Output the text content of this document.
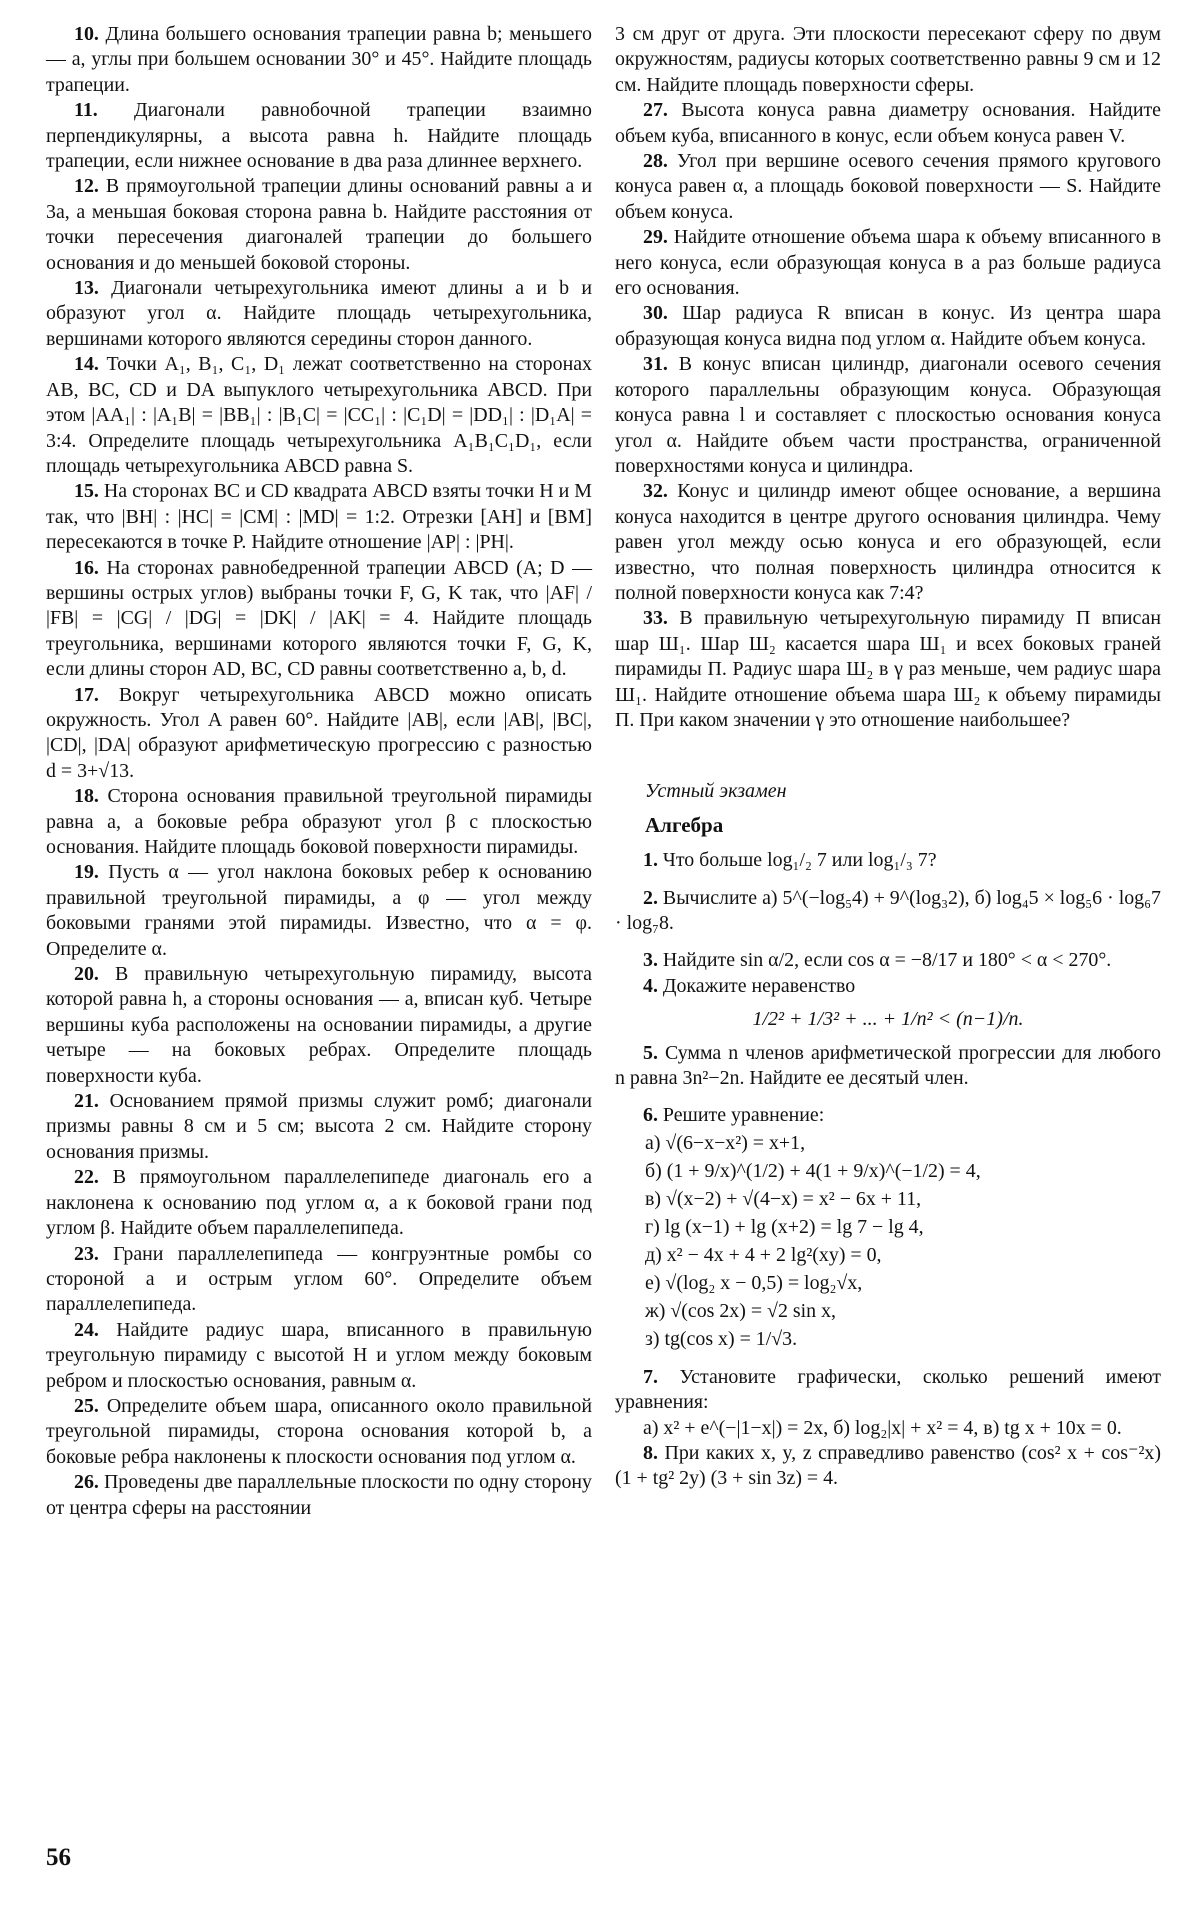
10. Длина большего основания трапеции равна b; меньшего — a, углы при большем основании 30° и 45°. Найдите площадь трапеции.

11. Диагонали равнобочной трапеции взаимно перпендикулярны, а высота равна h. Найдите площадь трапеции, если нижнее основание в два раза длиннее верхнего.

12. В прямоугольной трапеции длины оснований равны a и 3a, а меньшая боковая сторона равна b. Найдите расстояния от точки пересечения диагоналей трапеции до большего основания и до меньшей боковой стороны.

13. Диагонали четырехугольника имеют длины a и b и образуют угол α. Найдите площадь четырехугольника, вершинами которого являются середины сторон данного.

14. Точки A₁, B₁, C₁, D₁ лежат соответственно на сторонах AB, BC, CD и DA выпуклого четырехугольника ABCD. При этом |AA₁| : |A₁B| = |BB₁| : |B₁C| = |CC₁| : |C₁D| = |DD₁| : |D₁A| = 3:4. Определите площадь четырехугольника A₁B₁C₁D₁, если площадь четырехугольника ABCD равна S.

15. На сторонах BC и CD квадрата ABCD взяты точки H и M так, что |BH| : |HC| = |CM| : |MD| = 1:2. Отрезки [AH] и [BM] пересекаются в точке P. Найдите отношение |AP| : |PH|.

16. На сторонах равнобедренной трапеции ABCD (A; D — вершины острых углов) выбраны точки F, G, K так, что |AF| / |FB| = |CG| / |DG| = |DK| / |AK| = 4. Найдите площадь треугольника, вершинами которого являются точки F, G, K, если длины сторон AD, BC, CD равны соответственно a, b, d.

17. Вокруг четырехугольника ABCD можно описать окружность. Угол A равен 60°. Найдите |AB|, если |AB|, |BC|, |CD|, |DA| образуют арифметическую прогрессию с разностью d = 3+√13.

18. Сторона основания правильной треугольной пирамиды равна a, а боковые ребра образуют угол β с плоскостью основания. Найдите площадь боковой поверхности пирамиды.

19. Пусть α — угол наклона боковых ребер к основанию правильной треугольной пирамиды, а φ — угол между боковыми гранями этой пирамиды. Известно, что α = φ. Определите α.

20. В правильную четырехугольную пирамиду, высота которой равна h, а стороны основания — a, вписан куб. Четыре вершины куба расположены на основании пирамиды, а другие четыре — на боковых ребрах. Определите площадь поверхности куба.

21. Основанием прямой призмы служит ромб; диагонали призмы равны 8 см и 5 см; высота 2 см. Найдите сторону основания призмы.

22. В прямоугольном параллелепипеде диагональ его a наклонена к основанию под углом α, а к боковой грани под углом β. Найдите объем параллелепипеда.

23. Грани параллелепипеда — конгруэнтные ромбы со стороной a и острым углом 60°. Определите объем параллелепипеда.

24. Найдите радиус шара, вписанного в правильную треугольную пирамиду с высотой H и углом между боковым ребром и плоскостью основания, равным α.

25. Определите объем шара, описанного около правильной треугольной пирамиды, сторона основания которой b, а боковые ребра наклонены к плоскости основания под углом α.

26. Проведены две параллельные плоскости по одну сторону от центра сферы на расстоянии

3 см друг от друга. Эти плоскости пересекают сферу по двум окружностям, радиусы которых соответственно равны 9 см и 12 см. Найдите площадь поверхности сферы.

27. Высота конуса равна диаметру основания. Найдите объем куба, вписанного в конус, если объем конуса равен V.

28. Угол при вершине осевого сечения прямого кругового конуса равен α, а площадь боковой поверхности — S. Найдите объем конуса.

29. Найдите отношение объема шара к объему вписанного в него конуса, если образующая конуса в a раз больше радиуса его основания.

30. Шар радиуса R вписан в конус. Из центра шара образующая конуса видна под углом α. Найдите объем конуса.

31. В конус вписан цилиндр, диагонали осевого сечения которого параллельны образующим конуса. Образующая конуса равна l и составляет с плоскостью основания конуса угол α. Найдите объем части пространства, ограниченной поверхностями конуса и цилиндра.

32. Конус и цилиндр имеют общее основание, а вершина конуса находится в центре другого основания цилиндра. Чему равен угол между осью конуса и его образующей, если известно, что полная поверхность цилиндра относится к полной поверхности конуса как 7:4?

33. В правильную четырехугольную пирамиду П вписан шар Ш₁. Шар Ш₂ касается шара Ш₁ и всех боковых граней пирамиды П. Радиус шара Ш₂ в γ раз меньше, чем радиус шара Ш₁. Найдите отношение объема шара Ш₂ к объему пирамиды П. При каком значении γ это отношение наибольшее?

Устный экзамен
Алгебра

1. Что больше log₁/₂ 7 или log₁/₃ 7?

2. Вычислите а) 5^(−log₅4) + 9^(log₃2), б) log₄5 × log₅6 · log₆7 · log₇8.

3. Найдите sin α/2, если cos α = −8/17 и 180° < α < 270°.

4. Докажите неравенство

1/2² + 1/3² + ... + 1/n² < (n−1)/n.

5. Сумма n членов арифметической прогрессии для любого n равна 3n²−2n. Найдите ее десятый член.

6. Решите уравнение:

а) √(6−x−x²) = x+1,
б) (1 + 9/x)^(1/2) + 4(1 + 9/x)^(−1/2) = 4,
в) √(x−2) + √(4−x) = x² − 6x + 11,
г) lg (x−1) + lg (x+2) = lg 7 − lg 4,
д) x² − 4x + 4 + 2 lg²(xy) = 0,
е) √(log₂ x − 0,5) = log₂√x,
ж) √(cos 2x) = √2 sin x,
з) tg(cos x) = 1/√3.

7. Установите графически, сколько решений имеют уравнения:

а) x² + e^(−|1−x|) = 2x, б) log₂|x| + x² = 4, в) tg x + 10x = 0.

8. При каких x, y, z справедливо равенство (cos² x + cos⁻²x) (1 + tg² 2y) (3 + sin 3z) = 4.

56
